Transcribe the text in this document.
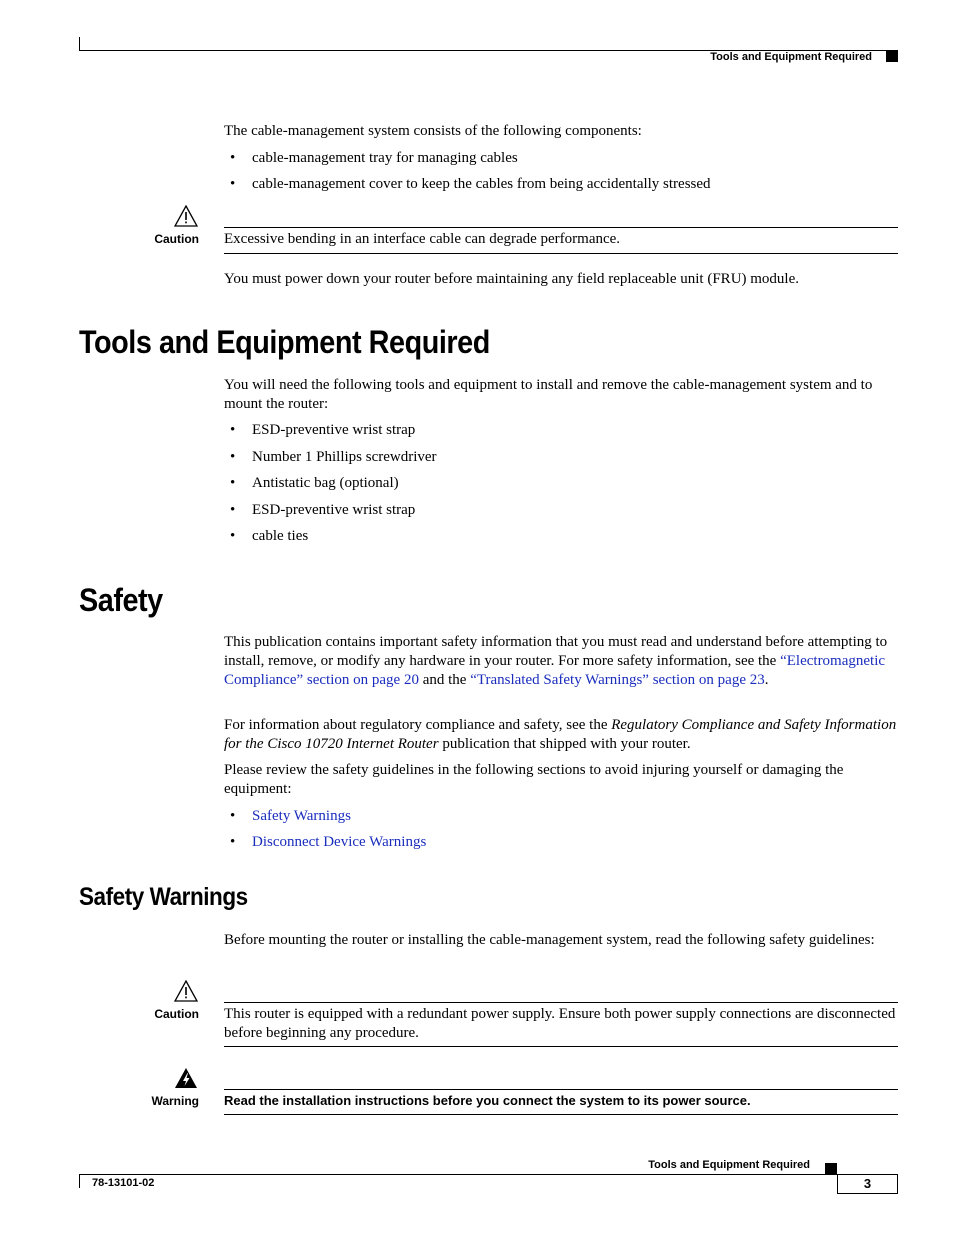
Tools and Equipment Required
The cable-management system consists of the following components:
• cable-management tray for managing cables
• cable-management cover to keep the cables from being accidentally stressed
Caution Excessive bending in an interface cable can degrade performance.
You must power down your router before maintaining any field replaceable unit (FRU) module.
Tools and Equipment Required
You will need the following tools and equipment to install and remove the cable-management system and to mount the router:
• ESD-preventive wrist strap
• Number 1 Phillips screwdriver
• Antistatic bag (optional)
• ESD-preventive wrist strap
• cable ties
Safety
This publication contains important safety information that you must read and understand before attempting to install, remove, or modify any hardware in your router. For more safety information, see the “Electromagnetic Compliance” section on page 20 and the “Translated Safety Warnings” section on page 23.
For information about regulatory compliance and safety, see the Regulatory Compliance and Safety Information for the Cisco 10720 Internet Router publication that shipped with your router.
Please review the safety guidelines in the following sections to avoid injuring yourself or damaging the equipment:
• Safety Warnings
• Disconnect Device Warnings
Safety Warnings
Before mounting the router or installing the cable-management system, read the following safety guidelines:
Caution This router is equipped with a redundant power supply. Ensure both power supply connections are disconnected before beginning any procedure.
Warning Read the installation instructions before you connect the system to its power source.
Tools and Equipment Required
78-13101-02	3
